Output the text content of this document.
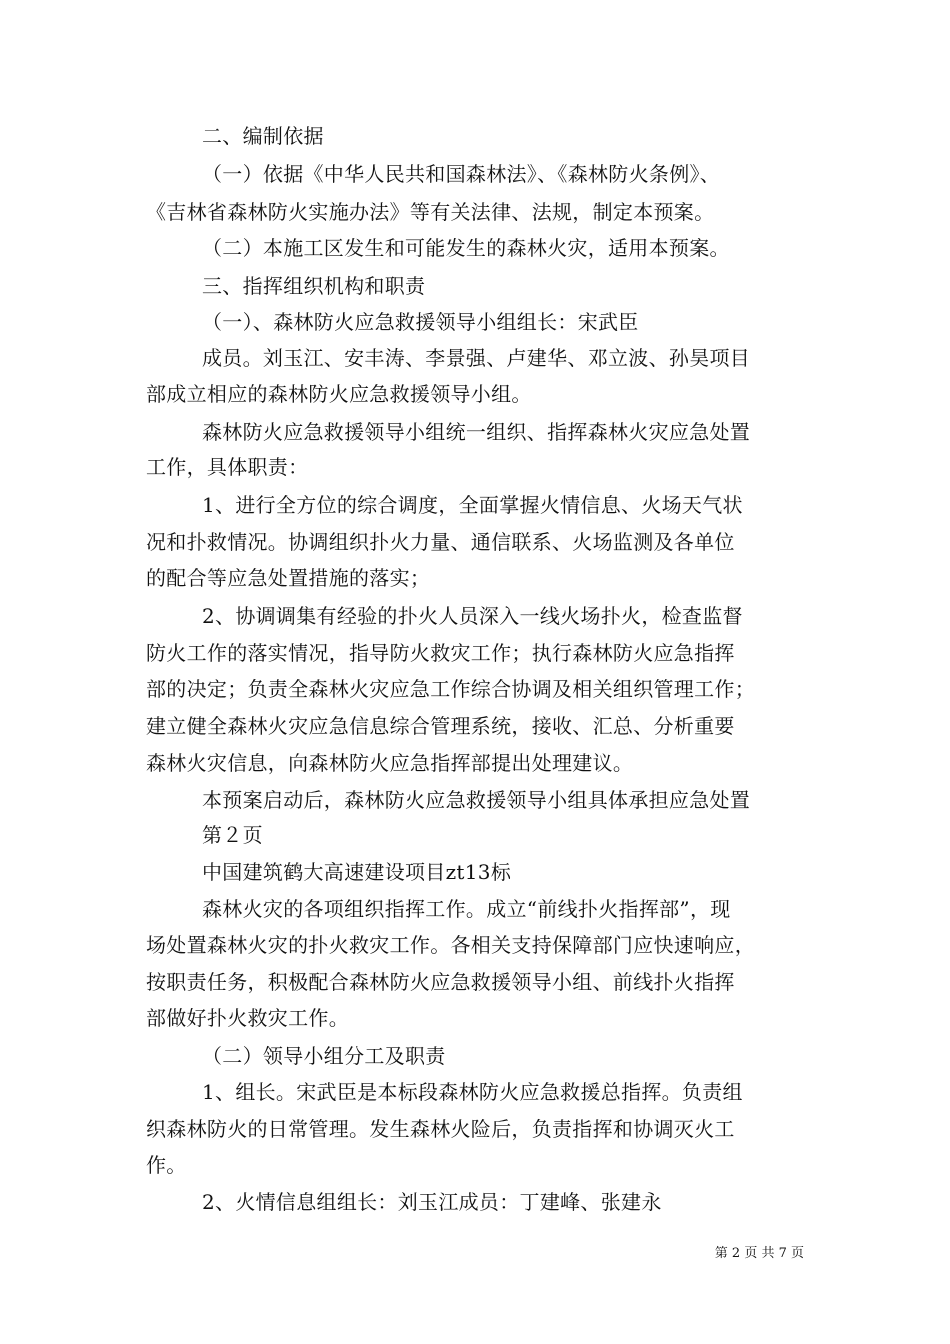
二、编制依据
（一）依据《中华人民共和国森林法》、《森林防火条例》、
《吉林省森林防火实施办法》等有关法律、法规，制定本预案。
（二）本施工区发生和可能发生的森林火灾，适用本预案。
三、指挥组织机构和职责
（一）、森林防火应急救援领导小组组长：宋武臣
成员。刘玉江、安丰涛、李景强、卢建华、邓立波、孙昊项目
部成立相应的森林防火应急救援领导小组。
森林防火应急救援领导小组统一组织、指挥森林火灾应急处置
工作，具体职责：
1、进行全方位的综合调度，全面掌握火情信息、火场天气状
况和扑救情况。协调组织扑火力量、通信联系、火场监测及各单位
的配合等应急处置措施的落实；
2、协调调集有经验的扑火人员深入一线火场扑火，检查监督
防火工作的落实情况，指导防火救灾工作；执行森林防火应急指挥
部的决定；负责全森林火灾应急工作综合协调及相关组织管理工作；
建立健全森林火灾应急信息综合管理系统，接收、汇总、分析重要
森林火灾信息，向森林防火应急指挥部提出处理建议。
本预案启动后，森林防火应急救援领导小组具体承担应急处置
第２页
中国建筑鹤大高速建设项目zt13标
森林火灾的各项组织指挥工作。成立“前线扑火指挥部”，现
场处置森林火灾的扑火救灾工作。各相关支持保障部门应快速响应，
按职责任务，积极配合森林防火应急救援领导小组、前线扑火指挥
部做好扑火救灾工作。
（二）领导小组分工及职责
1、组长。宋武臣是本标段森林防火应急救援总指挥。负责组
织森林防火的日常管理。发生森林火险后，负责指挥和协调灭火工
作。
2、火情信息组组长：刘玉江成员：丁建峰、张建永
第 2 页 共 7 页
